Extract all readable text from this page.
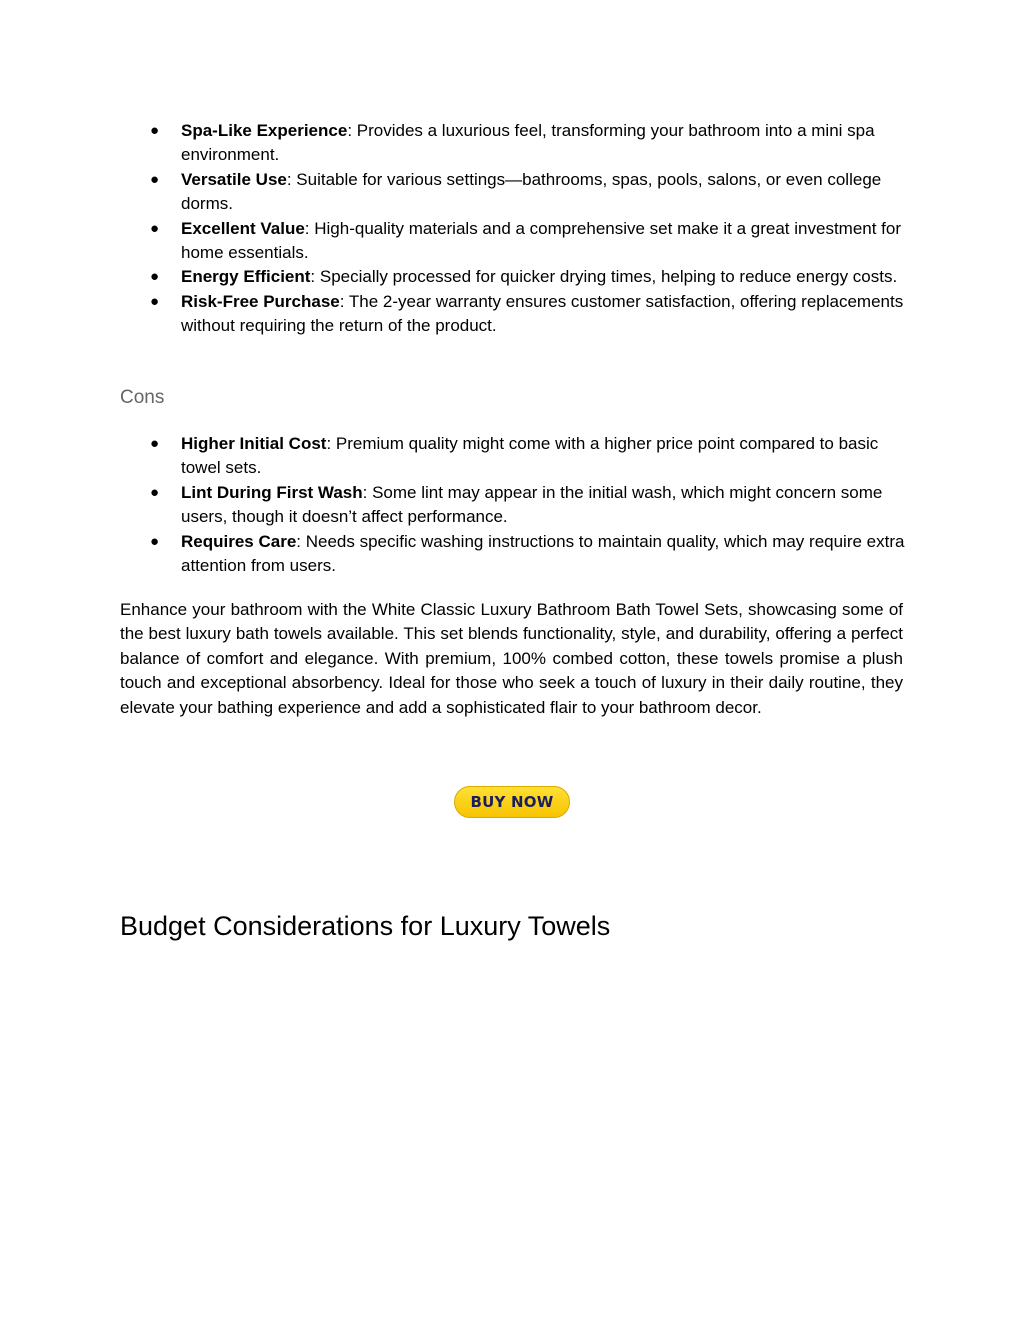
● Spa-Like Experience: Provides a luxurious feel, transforming your bathroom into a mini spa environment.
● Versatile Use: Suitable for various settings—bathrooms, spas, pools, salons, or even college dorms.
● Excellent Value: High-quality materials and a comprehensive set make it a great investment for home essentials.
● Energy Efficient: Specially processed for quicker drying times, helping to reduce energy costs.
● Risk-Free Purchase: The 2-year warranty ensures customer satisfaction, offering replacements without requiring the return of the product.
Cons
● Higher Initial Cost: Premium quality might come with a higher price point compared to basic towel sets.
● Lint During First Wash: Some lint may appear in the initial wash, which might concern some users, though it doesn’t affect performance.
● Requires Care: Needs specific washing instructions to maintain quality, which may require extra attention from users.

Enhance your bathroom with the White Classic Luxury Bathroom Bath Towel Sets, showcasing some of the best luxury bath towels available. This set blends functionality, style, and durability, offering a perfect balance of comfort and elegance. With premium, 100% combed cotton, these towels promise a plush touch and exceptional absorbency. Ideal for those who seek a touch of luxury in their daily routine, they elevate your bathing experience and add a sophisticated flair to your bathroom decor.

BUY NOW
Budget Considerations for Luxury Towels
